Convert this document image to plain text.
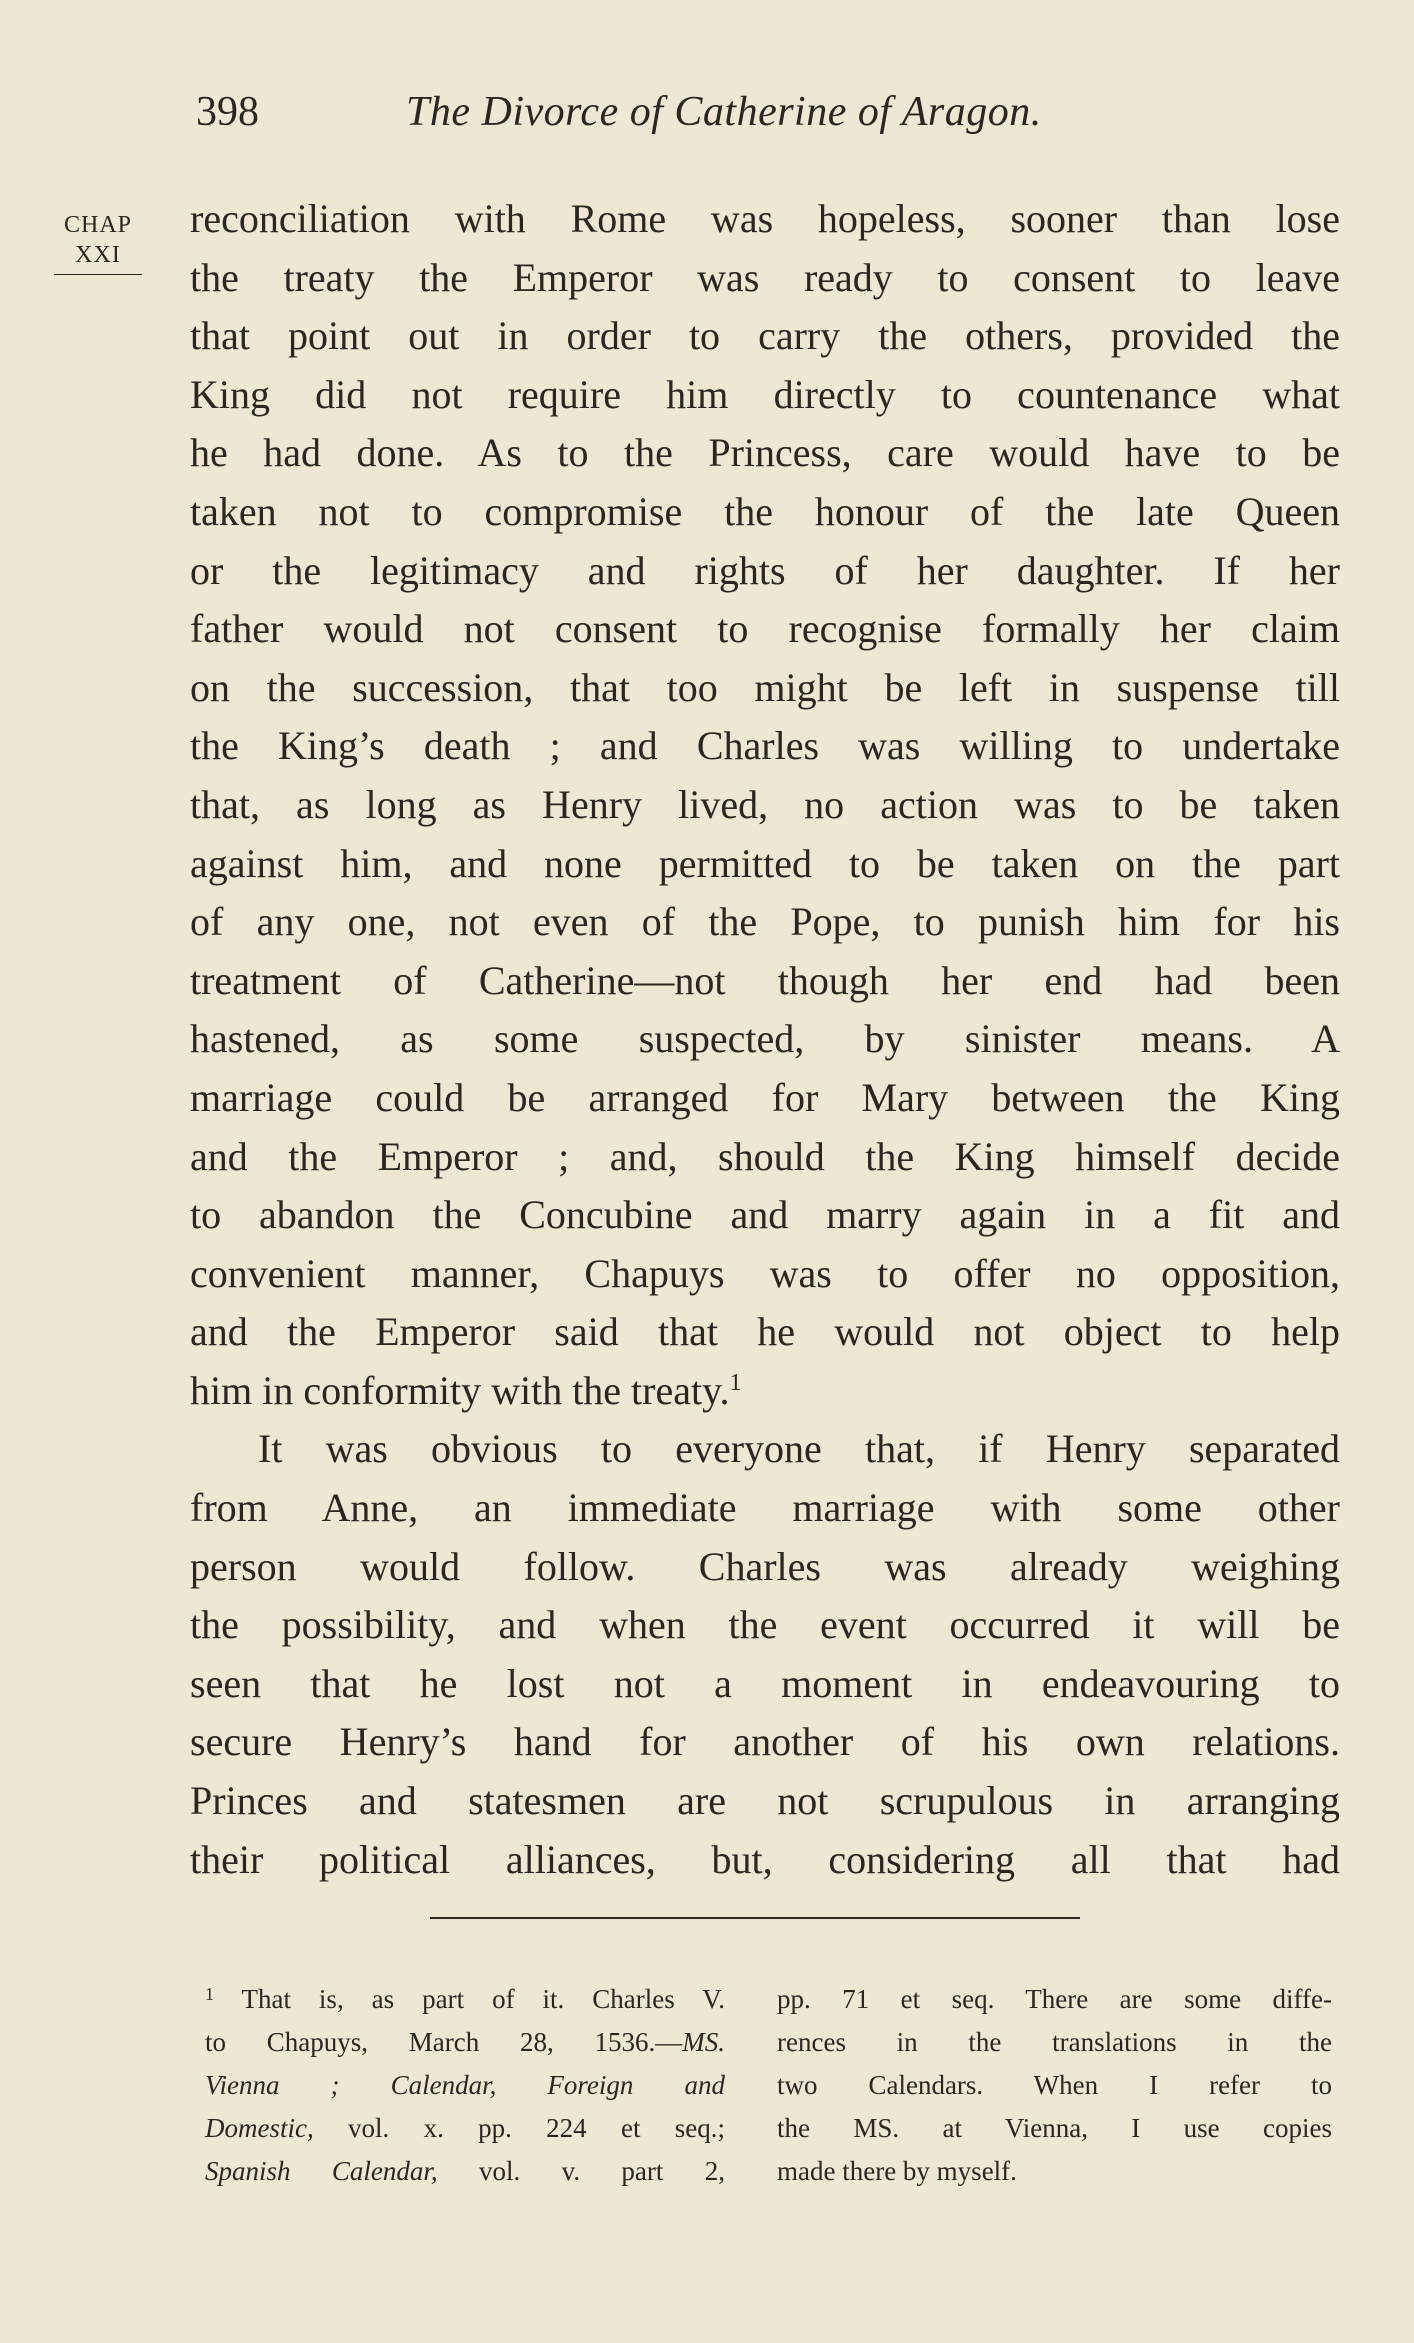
398	The Divorce of Catherine of Aragon.
CHAP
XXI
reconciliation with Rome was hopeless, sooner than lose
the treaty the Emperor was ready to consent to leave
that point out in order to carry the others, provided the
King did not require him directly to countenance what
he had done. As to the Princess, care would have to be
taken not to compromise the honour of the late Queen
or the legitimacy and rights of her daughter. If her
father would not consent to recognise formally her claim
on the succession, that too might be left in suspense till
the King’s death ; and Charles was willing to undertake
that, as long as Henry lived, no action was to be taken
against him, and none permitted to be taken on the part
of any one, not even of the Pope, to punish him for his
treatment of Catherine—not though her end had been
hastened, as some suspected, by sinister means. A
marriage could be arranged for Mary between the King
and the Emperor ; and, should the King himself decide
to abandon the Concubine and marry again in a fit and
convenient manner, Chapuys was to offer no opposition,
and the Emperor said that he would not object to help
him in conformity with the treaty.$^1$
It was obvious to everyone that, if Henry separated
from Anne, an immediate marriage with some other
person would follow. Charles was already weighing
the possibility, and when the event occurred it will be
seen that he lost not a moment in endeavouring to
secure Henry’s hand for another of his own relations.
Princes and statesmen are not scrupulous in arranging
their political alliances, but, considering all that had
$^1$ That is, as part of it. Charles V.
to Chapuys, March 28, 1536.—MS.
Vienna ; Calendar, Foreign and
Domestic, vol. x. pp. 224 et seq.;
Spanish Calendar, vol. v. part 2,
pp. 71 et seq. There are some diffe-
rences in the translations in the
two Calendars. When I refer to
the MS. at Vienna, I use copies
made there by myself.
